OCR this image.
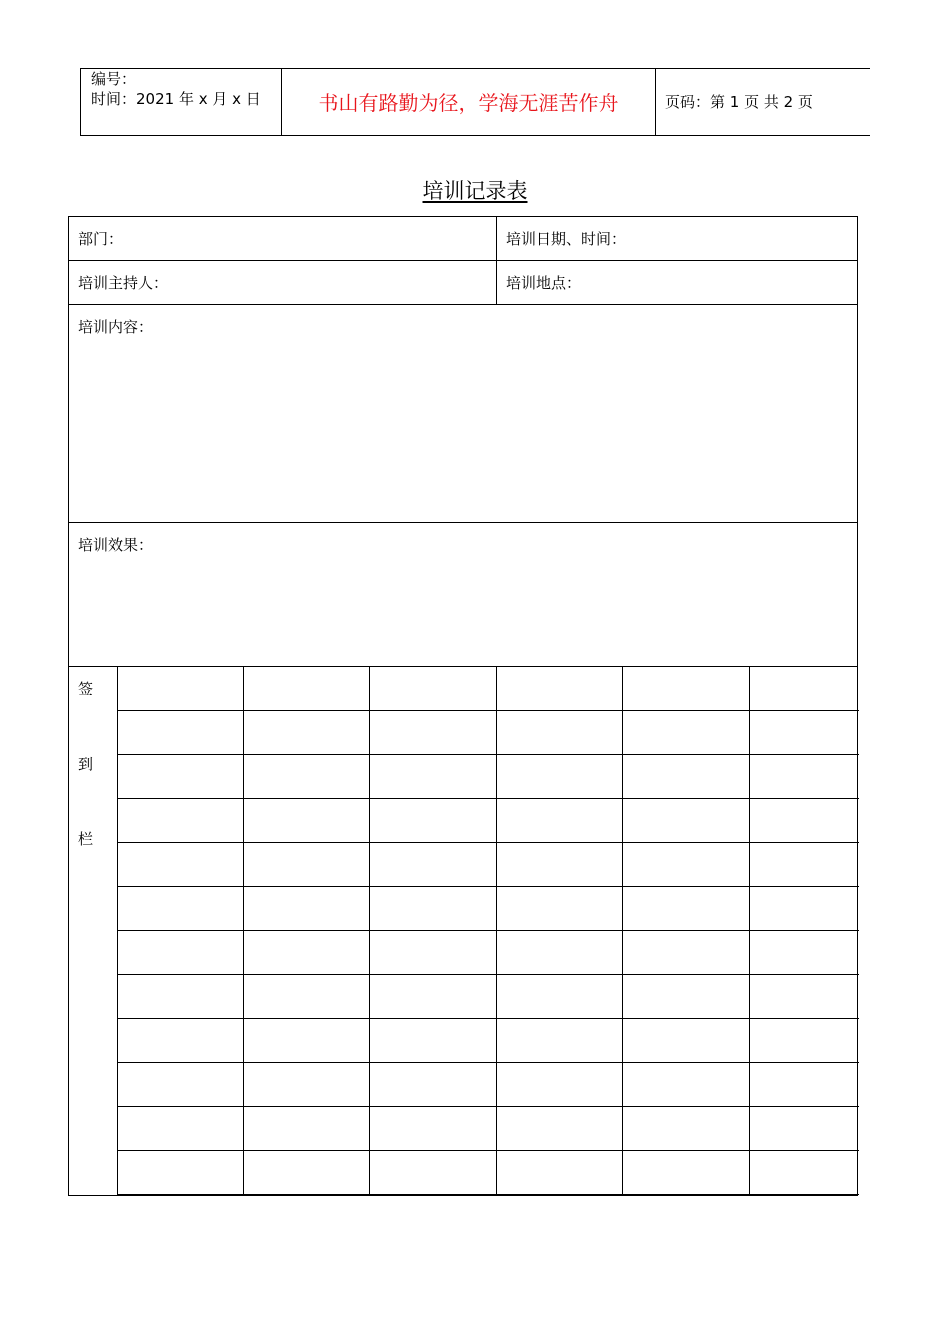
编号：
时间：2021 年 x 月 x 日	书山有路勤为径，学海无涯苦作舟	页码：第 1 页 共 2 页
培训记录表
部门：	培训日期、时间：
培训主持人：	培训地点：
培训内容：
培训效果：
签
到
栏
